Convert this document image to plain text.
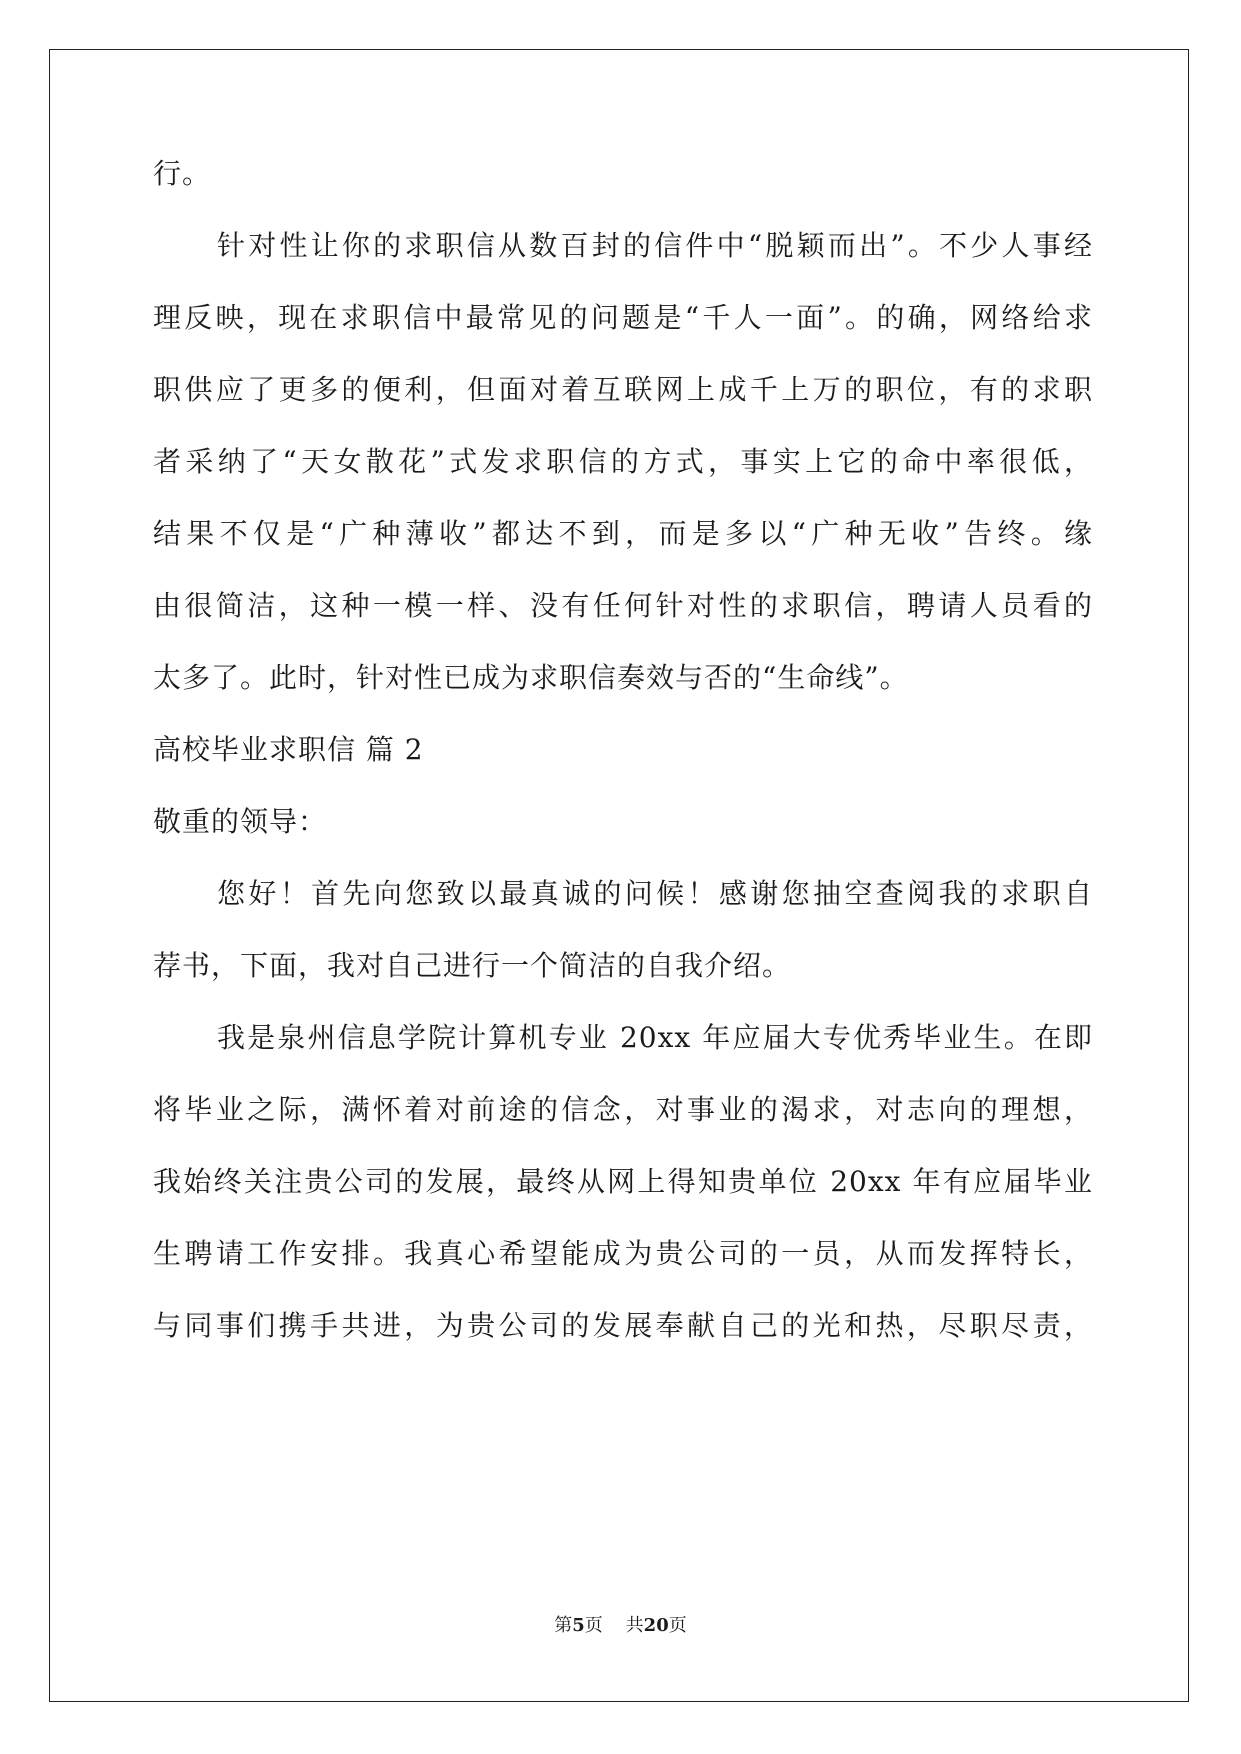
行。
针对性让你的求职信从数百封的信件中“脱颖而出”。不少人事经
理反映，现在求职信中最常见的问题是“千人一面”。的确，网络给求
职供应了更多的便利，但面对着互联网上成千上万的职位，有的求职
者采纳了“天女散花”式发求职信的方式，事实上它的命中率很低，
结果不仅是“广种薄收”都达不到，而是多以“广种无收”告终。缘
由很简洁，这种一模一样、没有任何针对性的求职信，聘请人员看的
太多了。此时，针对性已成为求职信奏效与否的“生命线”。
高校毕业求职信 篇 2
敬重的领导：
您好！首先向您致以最真诚的问候！感谢您抽空查阅我的求职自
荐书，下面，我对自己进行一个简洁的自我介绍。
我是泉州信息学院计算机专业 20xx 年应届大专优秀毕业生。在即
将毕业之际，满怀着对前途的信念，对事业的渴求，对志向的理想，
我始终关注贵公司的发展，最终从网上得知贵单位 20xx 年有应届毕业
生聘请工作安排。我真心希望能成为贵公司的一员，从而发挥特长，
与同事们携手共进，为贵公司的发展奉献自己的光和热，尽职尽责，
第5页 共20页
